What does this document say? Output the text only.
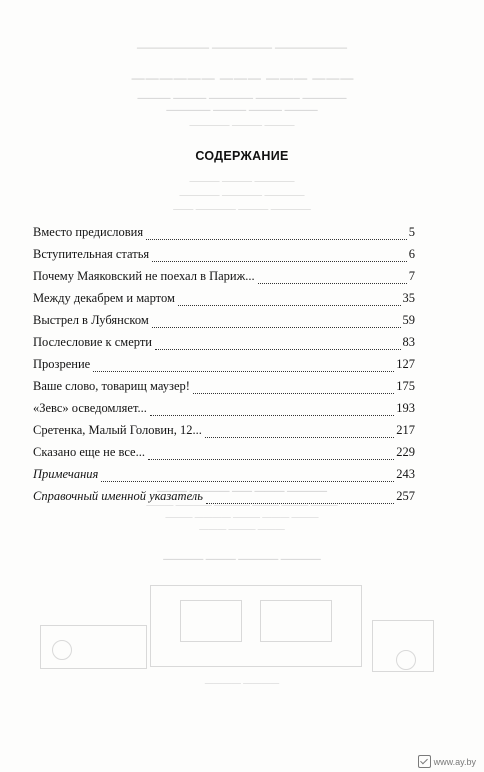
—————— ————— ——————
——— ——— ——— ——————
———— ———— ———— ——— ———
——— ——— ——— ————
——— ——— ————
———— ——— ———
———— ———— ————
———— ——— ———— ——
———— ——— —— ———— ———
——— ——— ——— ———— ———— ———
——— ——— ——— ———— ———
——— ——— ———
———— ———— ——— ————
———— ————
СОДЕРЖАНИЕ
Вместо предисловия	5
Вступительная статья	6
Почему Маяковский не поехал в Париж...	7
Между декабрем и мартом	35
Выстрел в Лубянском	59
Послесловие к смерти	83
Прозрение	127
Ваше слово, товарищ маузер!	175
«Зевс» осведомляет...	193
Сретенка, Малый Головин, 12...	217
Сказано еще не все...	229
Примечания	243
Справочный именной указатель	257
www.ay.by
